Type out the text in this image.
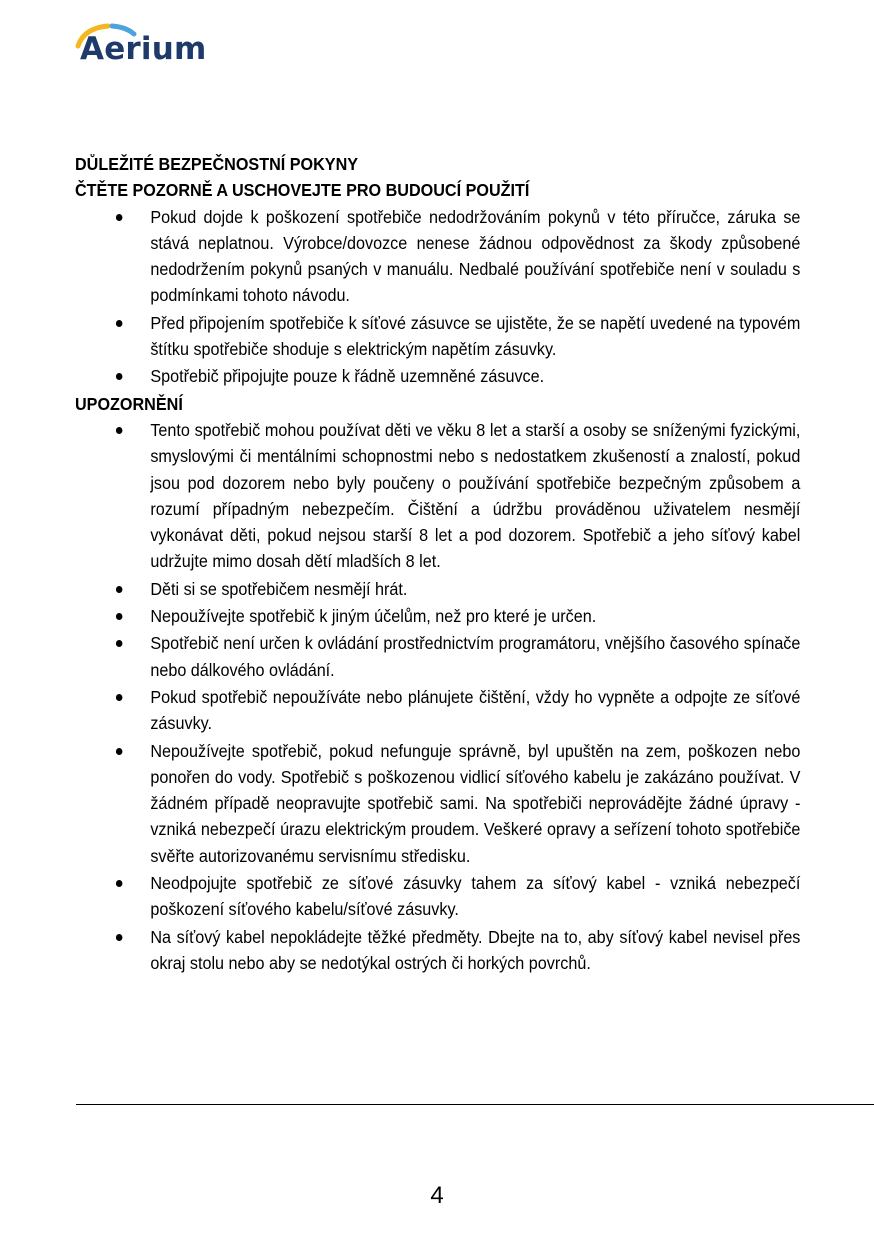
Aerium
DŮLEŽITÉ BEZPEČNOSTNÍ POKYNY
ČTĚTE POZORNĚ A USCHOVEJTE PRO BUDOUCÍ POUŽITÍ
Pokud dojde k poškození spotřebiče nedodržováním pokynů v této příručce, záruka se stává neplatnou. Výrobce/dovozce nenese žádnou odpovědnost za škody způsobené nedodržením pokynů psaných v manuálu. Nedbalé používání spotřebiče není v souladu s podmínkami tohoto návodu.
Před připojením spotřebiče k síťové zásuvce se ujistěte, že se napětí uvedené na typovém štítku spotřebiče shoduje s elektrickým napětím zásuvky.
Spotřebič připojujte pouze k řádně uzemněné zásuvce.
UPOZORNĚNÍ
Tento spotřebič mohou používat děti ve věku 8 let a starší a osoby se sníženými fyzickými, smyslovými či mentálními schopnostmi nebo s nedostatkem zkušeností a znalostí, pokud jsou pod dozorem nebo byly poučeny o používání spotřebiče bezpečným způsobem a rozumí případným nebezpečím. Čištění a údržbu prováděnou uživatelem nesmějí vykonávat děti, pokud nejsou starší 8 let a pod dozorem. Spotřebič a jeho síťový kabel udržujte mimo dosah dětí mladších 8 let.
Děti si se spotřebičem nesmějí hrát.
Nepoužívejte spotřebič k jiným účelům, než pro které je určen.
Spotřebič není určen k ovládání prostřednictvím programátoru, vnějšího časového spínače nebo dálkového ovládání.
Pokud spotřebič nepoužíváte nebo plánujete čištění, vždy ho vypněte a odpojte ze síťové zásuvky.
Nepoužívejte spotřebič, pokud nefunguje správně, byl upuštěn na zem, poškozen nebo ponořen do vody. Spotřebič s poškozenou vidlicí síťového kabelu je zakázáno používat. V žádném případě neopravujte spotřebič sami. Na spotřebiči neprovádějte žádné úpravy - vzniká nebezpečí úrazu elektrickým proudem. Veškeré opravy a seřízení tohoto spotřebiče svěřte autorizovanému servisnímu středisku.
Neodpojujte spotřebič ze síťové zásuvky tahem za síťový kabel - vzniká nebezpečí poškození síťového kabelu/síťové zásuvky.
Na síťový kabel nepokládejte těžké předměty. Dbejte na to, aby síťový kabel nevisel přes okraj stolu nebo aby se nedotýkal ostrých či horkých povrchů.
4
